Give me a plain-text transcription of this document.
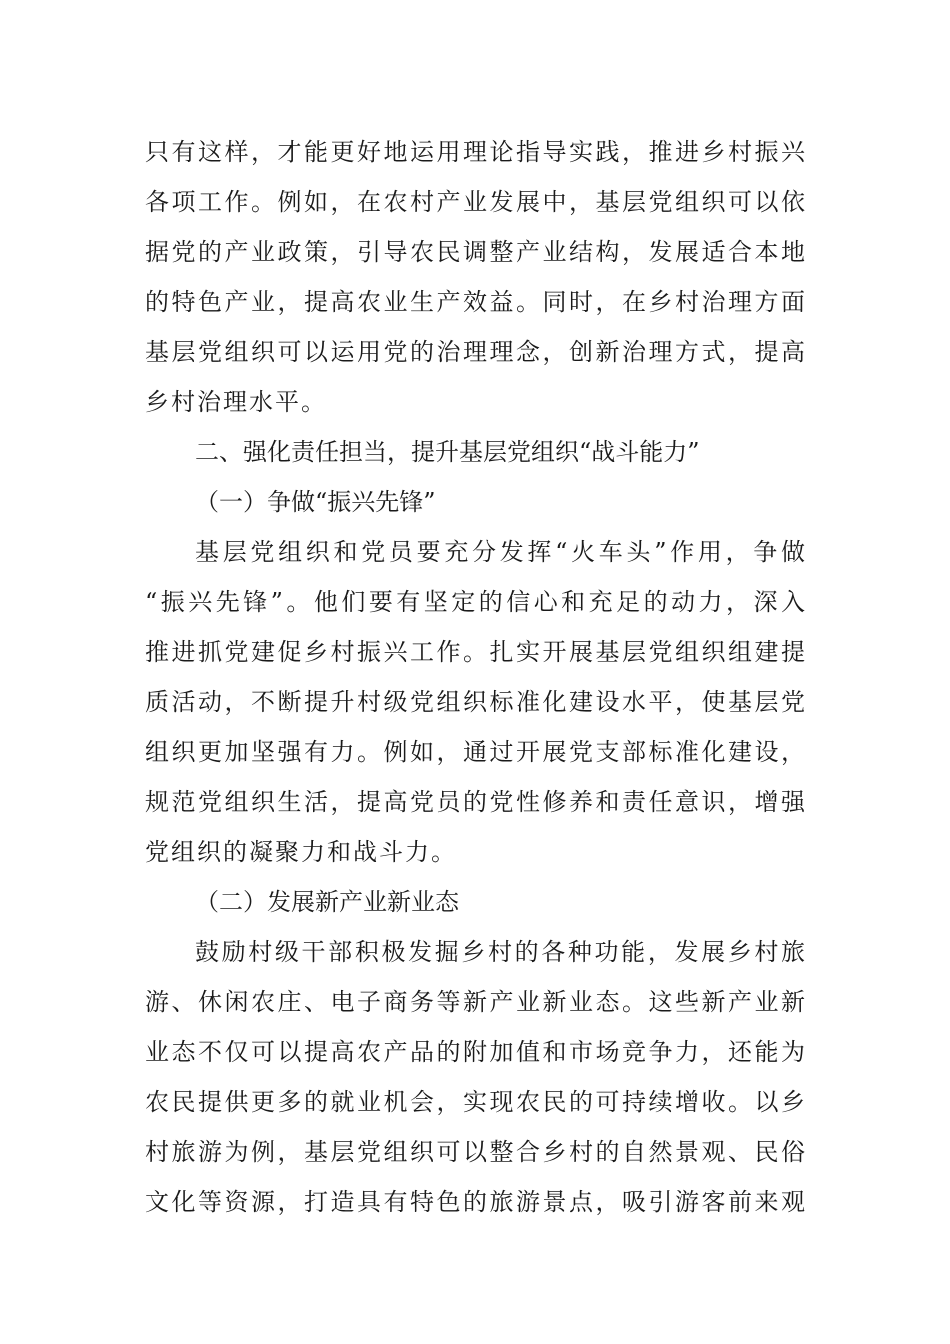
只有这样，才能更好地运用理论指导实践，推进乡村振兴
各项工作。例如，在农村产业发展中，基层党组织可以依
据党的产业政策，引导农民调整产业结构，发展适合本地
的特色产业，提高农业生产效益。同时，在乡村治理方面
基层党组织可以运用党的治理理念，创新治理方式，提高
乡村治理水平。
二、强化责任担当，提升基层党组织“战斗能力”
（一）争做“振兴先锋”
基层党组织和党员要充分发挥“火车头”作用，争做
“振兴先锋”。他们要有坚定的信心和充足的动力，深入
推进抓党建促乡村振兴工作。扎实开展基层党组织组建提
质活动，不断提升村级党组织标准化建设水平，使基层党
组织更加坚强有力。例如，通过开展党支部标准化建设，
规范党组织生活，提高党员的党性修养和责任意识，增强
党组织的凝聚力和战斗力。
（二）发展新产业新业态
鼓励村级干部积极发掘乡村的各种功能，发展乡村旅
游、休闲农庄、电子商务等新产业新业态。这些新产业新
业态不仅可以提高农产品的附加值和市场竞争力，还能为
农民提供更多的就业机会，实现农民的可持续增收。以乡
村旅游为例，基层党组织可以整合乡村的自然景观、民俗
文化等资源，打造具有特色的旅游景点，吸引游客前来观
